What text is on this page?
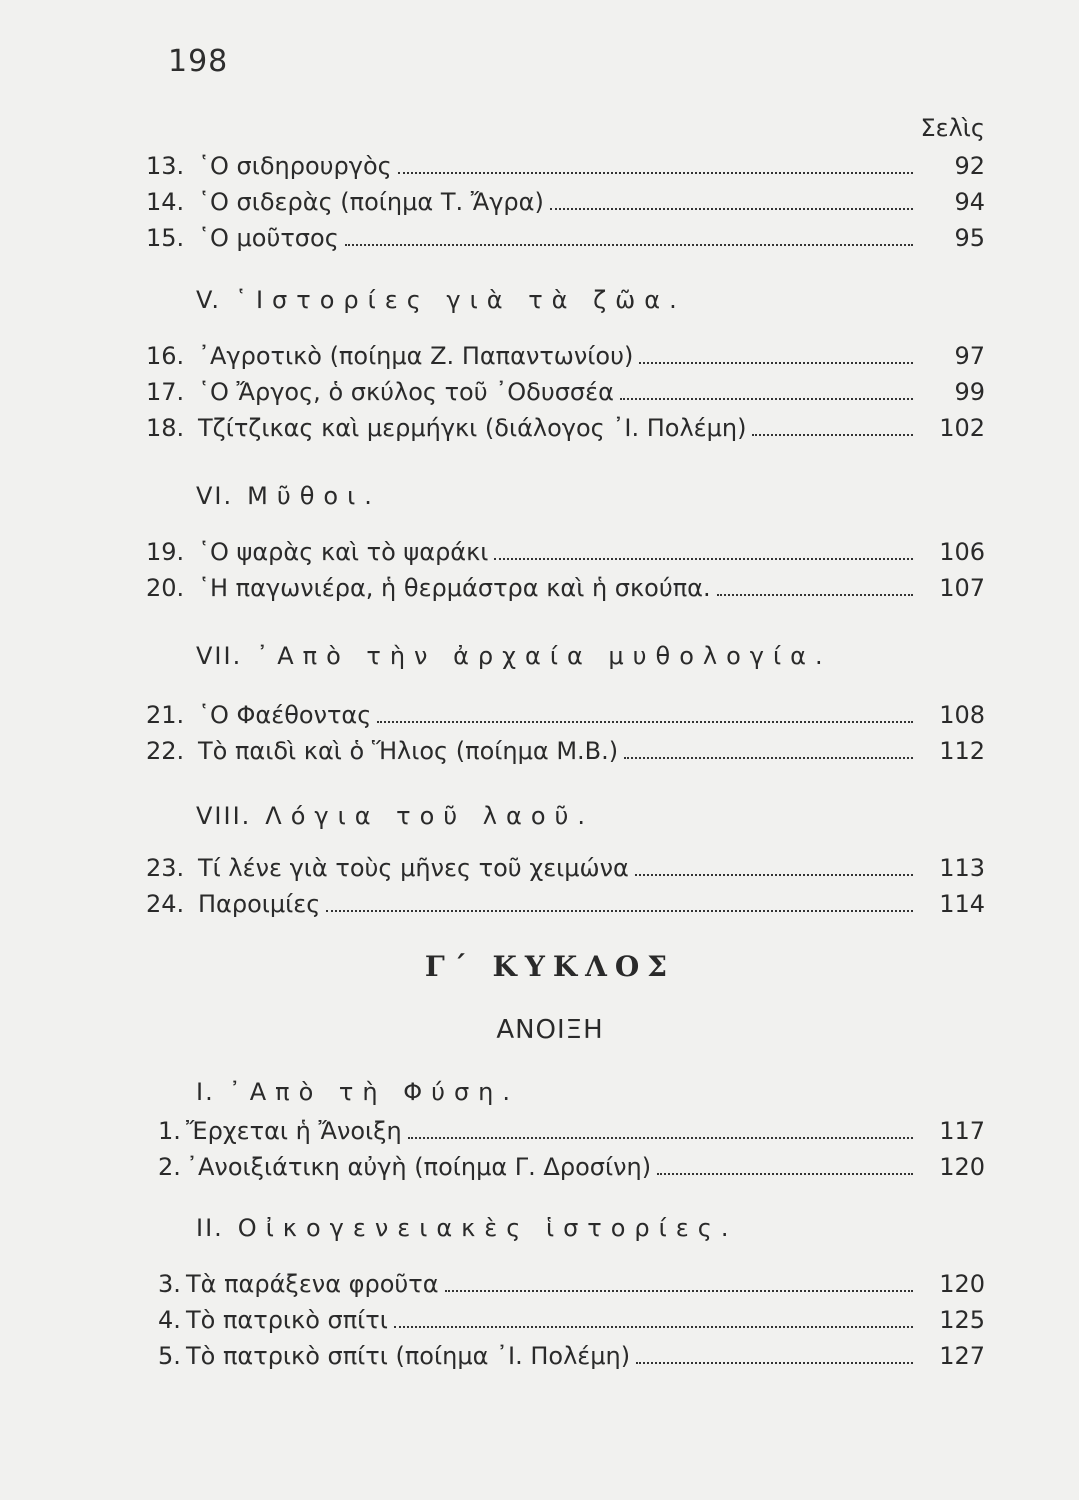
198
Σελὶς
13. ῾Ο σιδηρουργὸς	92
14. ῾Ο σιδερὰς (ποίημα Τ. Ἄγρα)	94
15. ῾Ο μοῦτσος	95
V. ῾Ιστορίες γιὰ τὰ ζῶα.
16. ᾿Αγροτικὸ (ποίημα Ζ. Παπαντωνίου)	97
17. ῾Ο Ἄργος, ὁ σκύλος τοῦ ᾿Οδυσσέα	99
18. Τζίτζικας καὶ μερμήγκι (διάλογος ᾿Ι. Πολέμη)	102
VI. Μῦθοι.
19. ῾Ο ψαρὰς καὶ τὸ ψαράκι	106
20. ῾Η παγωνιέρα, ἡ θερμάστρα καὶ ἡ σκούπα.	107
VII. ᾿Απὸ τὴν ἀρχαία μυθολογία.
21. ῾Ο Φαέθοντας	108
22. Τὸ παιδὶ καὶ ὁ Ἥλιος (ποίημα Μ.Β.)	112
VIII. Λόγια τοῦ λαοῦ.
23. Τί λένε γιὰ τοὺς μῆνες τοῦ χειμώνα	113
24. Παροιμίες	114
Γ΄ ΚΥΚΛΟΣ
ΑΝΟΙΞΗ
I. ᾿Απὸ τὴ Φύση.
1. Ἔρχεται ἡ Ἄνοιξη	117
2. ᾿Ανοιξιάτικη αὐγὴ (ποίημα Γ. Δροσίνη)	120
II. Οἰκογενειακὲς ἱστορίες.
3. Τὰ παράξενα φροῦτα	120
4. Τὸ πατρικὸ σπίτι	125
5. Τὸ πατρικὸ σπίτι (ποίημα ᾿Ι. Πολέμη)	127
